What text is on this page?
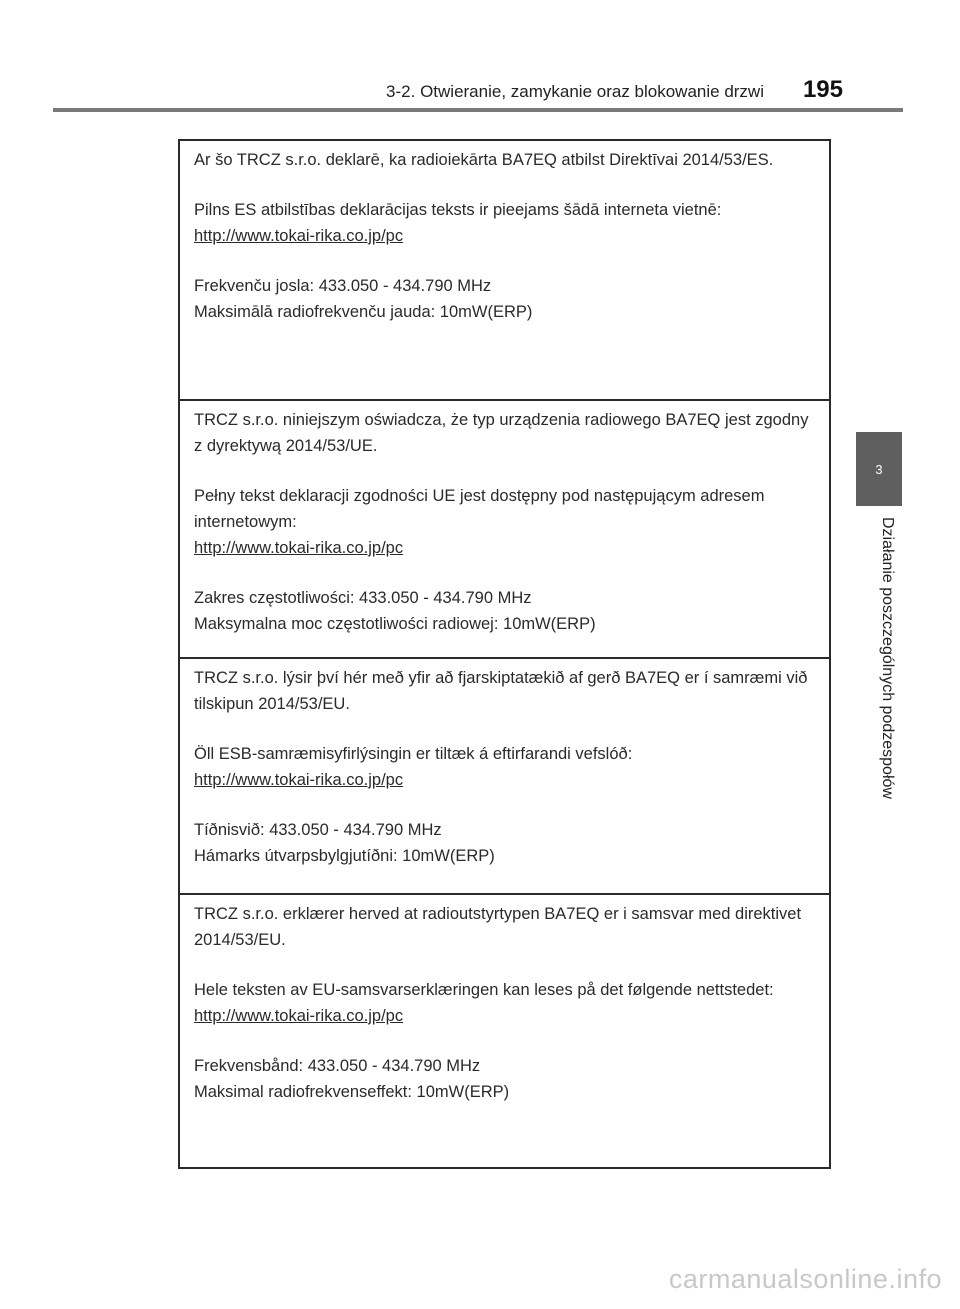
3-2. Otwieranie, zamykanie oraz blokowanie drzwi 195
3
Działanie poszczególnych podzespołów

Ar šo TRCZ s.r.o. deklarē, ka radioiekārta BA7EQ atbilst Direktīvai 2014/53/ES.

Pilns ES atbilstības deklarācijas teksts ir pieejams šādā interneta vietnē:
http://www.tokai-rika.co.jp/pc

Frekvenču josla: 433.050 - 434.790 MHz
Maksimālā radiofrekvenču jauda: 10mW(ERP)

TRCZ s.r.o. niniejszym oświadcza, że typ urządzenia radiowego BA7EQ jest zgodny z dyrektywą 2014/53/UE.

Pełny tekst deklaracji zgodności UE jest dostępny pod następującym adresem internetowym:
http://www.tokai-rika.co.jp/pc

Zakres częstotliwości: 433.050 - 434.790 MHz
Maksymalna moc częstotliwości radiowej: 10mW(ERP)

TRCZ s.r.o. lýsir því hér með yfir að fjarskiptatækið af gerð BA7EQ er í samræmi við tilskipun 2014/53/EU.

Öll ESB-samræmisyfirlýsingin er tiltæk á eftirfarandi vefslóð:
http://www.tokai-rika.co.jp/pc

Tíðnisvið: 433.050 - 434.790 MHz
Hámarks útvarpsbylgjutíðni: 10mW(ERP)

TRCZ s.r.o. erklærer herved at radioutstyrtypen BA7EQ er i samsvar med direktivet 2014/53/EU.

Hele teksten av EU-samsvarserklæringen kan leses på det følgende nettstedet:
http://www.tokai-rika.co.jp/pc

Frekvensbånd: 433.050 - 434.790 MHz
Maksimal radiofrekvenseffekt: 10mW(ERP)

carmanualsonline.info
